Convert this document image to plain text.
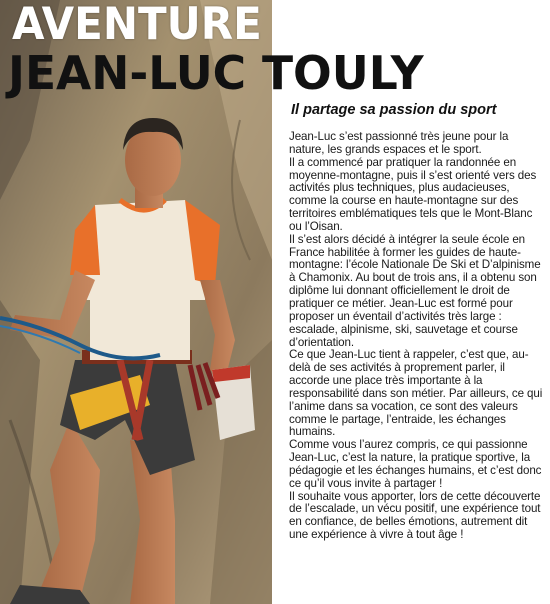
AVENTURE
JEAN-LUC TOULY
Il partage sa passion du sport

Jean-Luc s’est passionné très jeune pour la nature, les grands espaces et le sport.

Il a commencé par pratiquer la randonnée en moyenne-montagne, puis il s’est orienté vers des activités plus techniques, plus audacieuses, comme la course en haute-montagne sur des territoires emblématiques tels que le Mont-Blanc ou l’Oisan.

Il s’est alors décidé à intégrer la seule école en France habilitée à former les guides de haute-montagne: l’école Nationale De Ski et D’alpinisme à Chamonix. Au bout de trois ans, il a obtenu son diplôme lui donnant officiellement le droit de pratiquer ce métier. Jean-Luc est formé pour proposer un éventail d’activités très large : escalade, alpinisme, ski, sauvetage et course d’orientation.

Ce que Jean-Luc tient à rappeler, c’est que, au-delà de ses activités à proprement parler, il accorde une place très importante à la responsabilité dans son métier. Par ailleurs, ce qui l’anime dans sa vocation, ce sont des valeurs comme le partage, l’entraide, les échanges humains.

Comme vous l’aurez compris, ce qui passionne Jean-Luc, c’est la nature, la pratique sportive, la pédagogie et les échanges humains, et c’est donc ce qu’il vous invite à partager !

Il souhaite vous apporter, lors de cette découverte de l’escalade, un vécu positif, une expérience tout en confiance, de belles émotions, autrement dit une expérience à vivre à tout âge !
